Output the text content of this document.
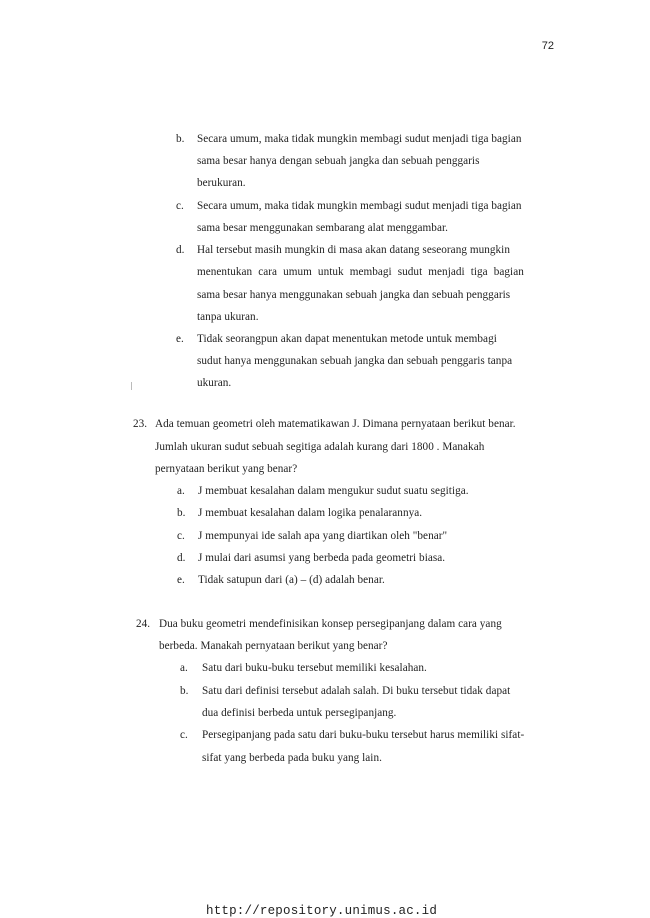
72
b. Secara umum, maka tidak mungkin membagi sudut menjadi tiga bagian
sama besar hanya dengan sebuah jangka dan sebuah penggaris
berukuran.
c. Secara umum, maka tidak mungkin membagi sudut menjadi tiga bagian
sama besar menggunakan sembarang alat menggambar.
d. Hal tersebut masih mungkin di masa akan datang seseorang mungkin
menentukan cara umum untuk membagi sudut menjadi tiga bagian
sama besar hanya menggunakan sebuah jangka dan sebuah penggaris
tanpa ukuran.
e. Tidak seorangpun akan dapat menentukan metode untuk membagi
sudut hanya menggunakan sebuah jangka dan sebuah penggaris tanpa
ukuran.
23. Ada temuan geometri oleh matematikawan J. Dimana pernyataan berikut benar.
Jumlah ukuran sudut sebuah segitiga adalah kurang dari 1800 . Manakah
pernyataan berikut yang benar?
a. J membuat kesalahan dalam mengukur sudut suatu segitiga.
b. J membuat kesalahan dalam logika penalarannya.
c. J mempunyai ide salah apa yang diartikan oleh "benar"
d. J mulai dari asumsi yang berbeda pada geometri biasa.
e. Tidak satupun dari (a) – (d) adalah benar.
24. Dua buku geometri mendefinisikan konsep persegipanjang dalam cara yang
berbeda. Manakah pernyataan berikut yang benar?
a. Satu dari buku-buku tersebut memiliki kesalahan.
b. Satu dari definisi tersebut adalah salah. Di buku tersebut tidak dapat
dua definisi berbeda untuk persegipanjang.
c. Persegipanjang pada satu dari buku-buku tersebut harus memiliki sifat-
sifat yang berbeda pada buku yang lain.
http://repository.unimus.ac.id
